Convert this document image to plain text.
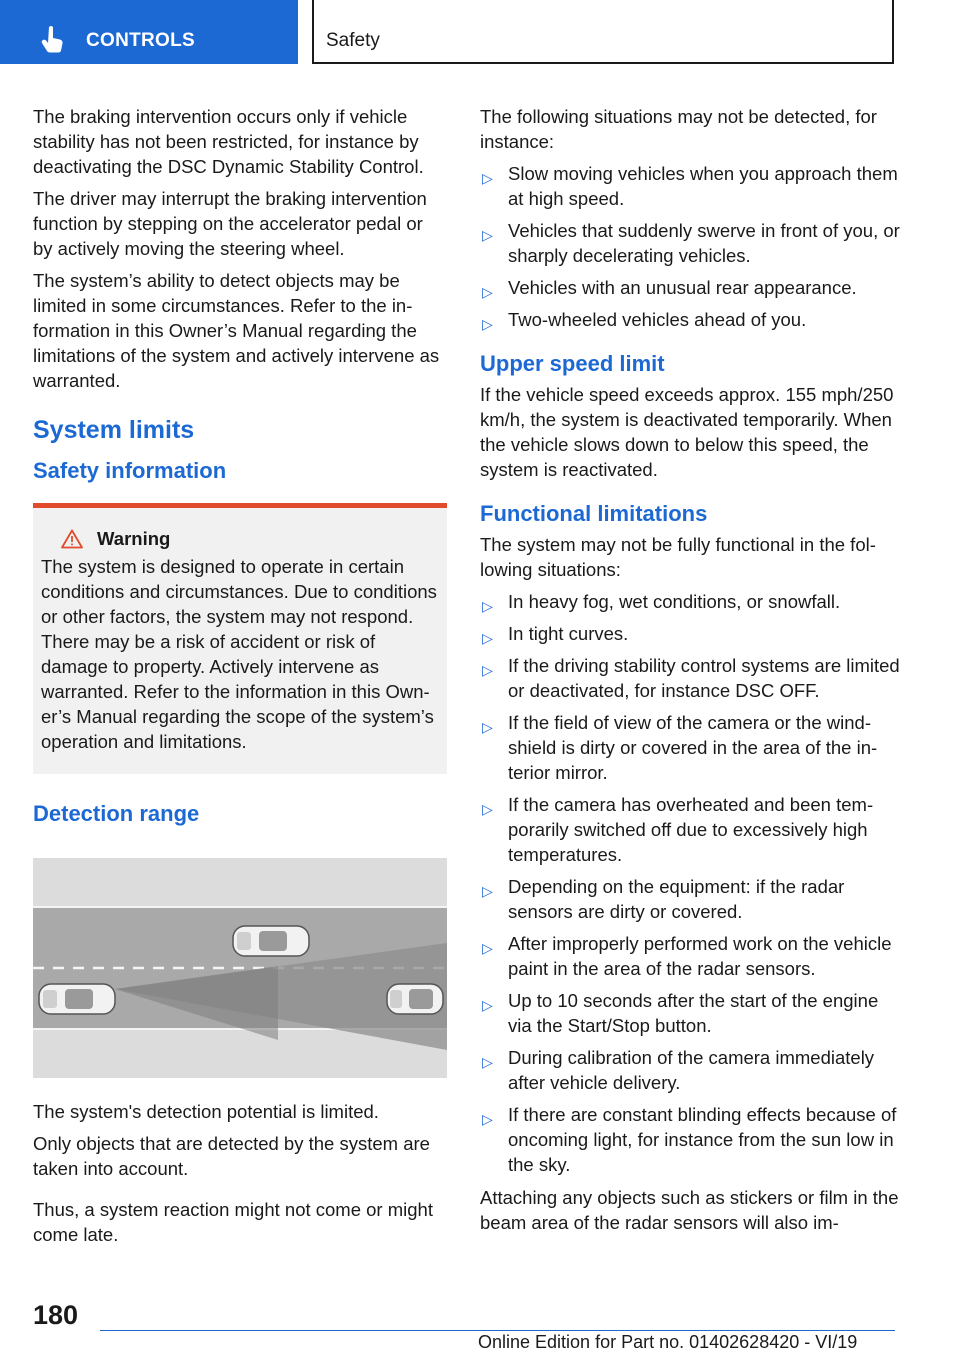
CONTROLS	Safety

The braking intervention occurs only if vehicle stability has not been restricted, for instance by deactivating the DSC Dynamic Stability Control.

The driver may interrupt the braking intervention function by stepping on the accelerator pedal or by actively moving the steering wheel.

The system’s ability to detect objects may be limited in some circumstances. Refer to the information in this Owner’s Manual regarding the limitations of the system and actively intervene as warranted.

System limits
Safety information
Warning

The system is designed to operate in certain conditions and circumstances. Due to conditions or other factors, the system may not respond. There may be a risk of accident or risk of damage to property. Actively intervene as warranted. Refer to the information in this Owner’s Manual regarding the scope of the system’s operation and limitations.

Detection range

The system's detection potential is limited.

Only objects that are detected by the system are taken into account.

Thus, a system reaction might not come or might come late.

The following situations may not be detected, for instance:

▷ Slow moving vehicles when you approach them at high speed.
▷ Vehicles that suddenly swerve in front of you, or sharply decelerating vehicles.
▷ Vehicles with an unusual rear appearance.
▷ Two-wheeled vehicles ahead of you.
Upper speed limit

If the vehicle speed exceeds approx. 155 mph/250 km/h, the system is deactivated temporarily. When the vehicle slows down to below this speed, the system is reactivated.

Functional limitations

The system may not be fully functional in the following situations:

▷ In heavy fog, wet conditions, or snowfall.
▷ In tight curves.
▷ If the driving stability control systems are limited or deactivated, for instance DSC OFF.
▷ If the field of view of the camera or the windshield is dirty or covered in the area of the interior mirror.
▷ If the camera has overheated and been temporarily switched off due to excessively high temperatures.
▷ Depending on the equipment: if the radar sensors are dirty or covered.
▷ After improperly performed work on the vehicle paint in the area of the radar sensors.
▷ Up to 10 seconds after the start of the engine via the Start/Stop button.
▷ During calibration of the camera immediately after vehicle delivery.
▷ If there are constant blinding effects because of oncoming light, for instance from the sun low in the sky.

Attaching any objects such as stickers or film in the beam area of the radar sensors will also im-

180
Online Edition for Part no. 01402628420 - VI/19
